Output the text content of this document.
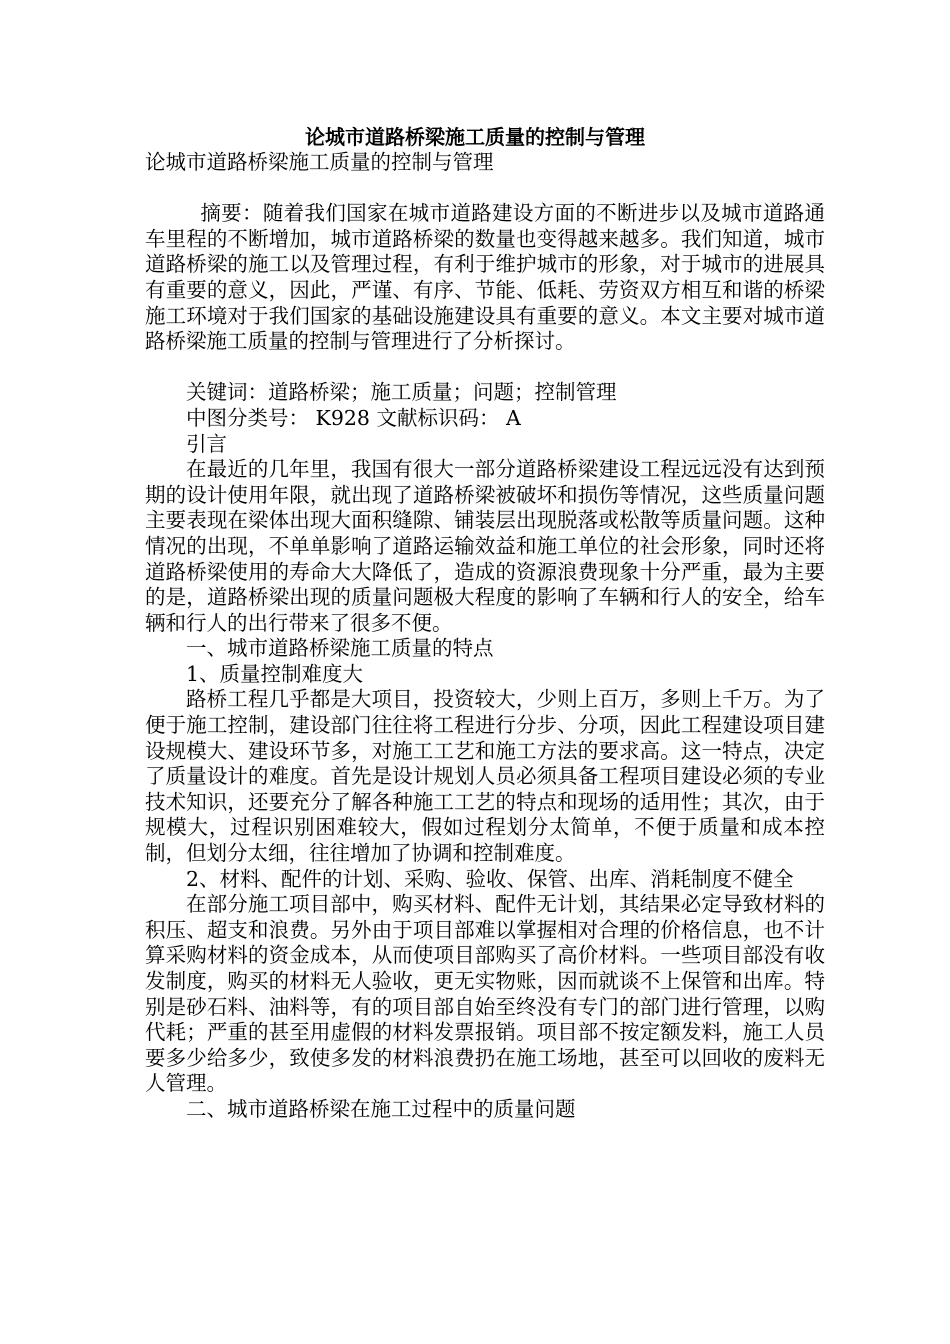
论城市道路桥梁施工质量的控制与管理

论城市道路桥梁施工质量的控制与管理

摘要：随着我们国家在城市道路建设方面的不断进步以及城市道路通车里程的不断增加，城市道路桥梁的数量也变得越来越多。我们知道，城市道路桥梁的施工以及管理过程，有利于维护城市的形象，对于城市的进展具有重要的意义，因此，严谨、有序、节能、低耗、劳资双方相互和谐的桥梁施工环境对于我们国家的基础设施建设具有重要的意义。本文主要对城市道路桥梁施工质量的控制与管理进行了分析探讨。

关键词：道路桥梁；施工质量；问题；控制管理

中图分类号： K928 文献标识码： A

引言

在最近的几年里，我国有很大一部分道路桥梁建设工程远远没有达到预期的设计使用年限，就出现了道路桥梁被破坏和损伤等情况，这些质量问题主要表现在梁体出现大面积缝隙、铺装层出现脱落或松散等质量问题。这种情况的出现，不单单影响了道路运输效益和施工单位的社会形象，同时还将道路桥梁使用的寿命大大降低了，造成的资源浪费现象十分严重，最为主要的是，道路桥梁出现的质量问题极大程度的影响了车辆和行人的安全，给车辆和行人的出行带来了很多不便。

一、城市道路桥梁施工质量的特点

1、质量控制难度大

路桥工程几乎都是大项目，投资较大，少则上百万，多则上千万。为了便于施工控制，建设部门往往将工程进行分步、分项，因此工程建设项目建设规模大、建设环节多，对施工工艺和施工方法的要求高。这一特点，决定了质量设计的难度。首先是设计规划人员必须具备工程项目建设必须的专业技术知识，还要充分了解各种施工工艺的特点和现场的适用性；其次，由于规模大，过程识别困难较大，假如过程划分太简单，不便于质量和成本控制，但划分太细，往往增加了协调和控制难度。

2、材料、配件的计划、采购、验收、保管、出库、消耗制度不健全

在部分施工项目部中，购买材料、配件无计划，其结果必定导致材料的积压、超支和浪费。另外由于项目部难以掌握相对合理的价格信息，也不计算采购材料的资金成本，从而使项目部购买了高价材料。一些项目部没有收发制度，购买的材料无人验收，更无实物账，因而就谈不上保管和出库。特别是砂石料、油料等，有的项目部自始至终没有专门的部门进行管理，以购代耗；严重的甚至用虚假的材料发票报销。项目部不按定额发料，施工人员要多少给多少，致使多发的材料浪费扔在施工场地，甚至可以回收的废料无人管理。

二、城市道路桥梁在施工过程中的质量问题
